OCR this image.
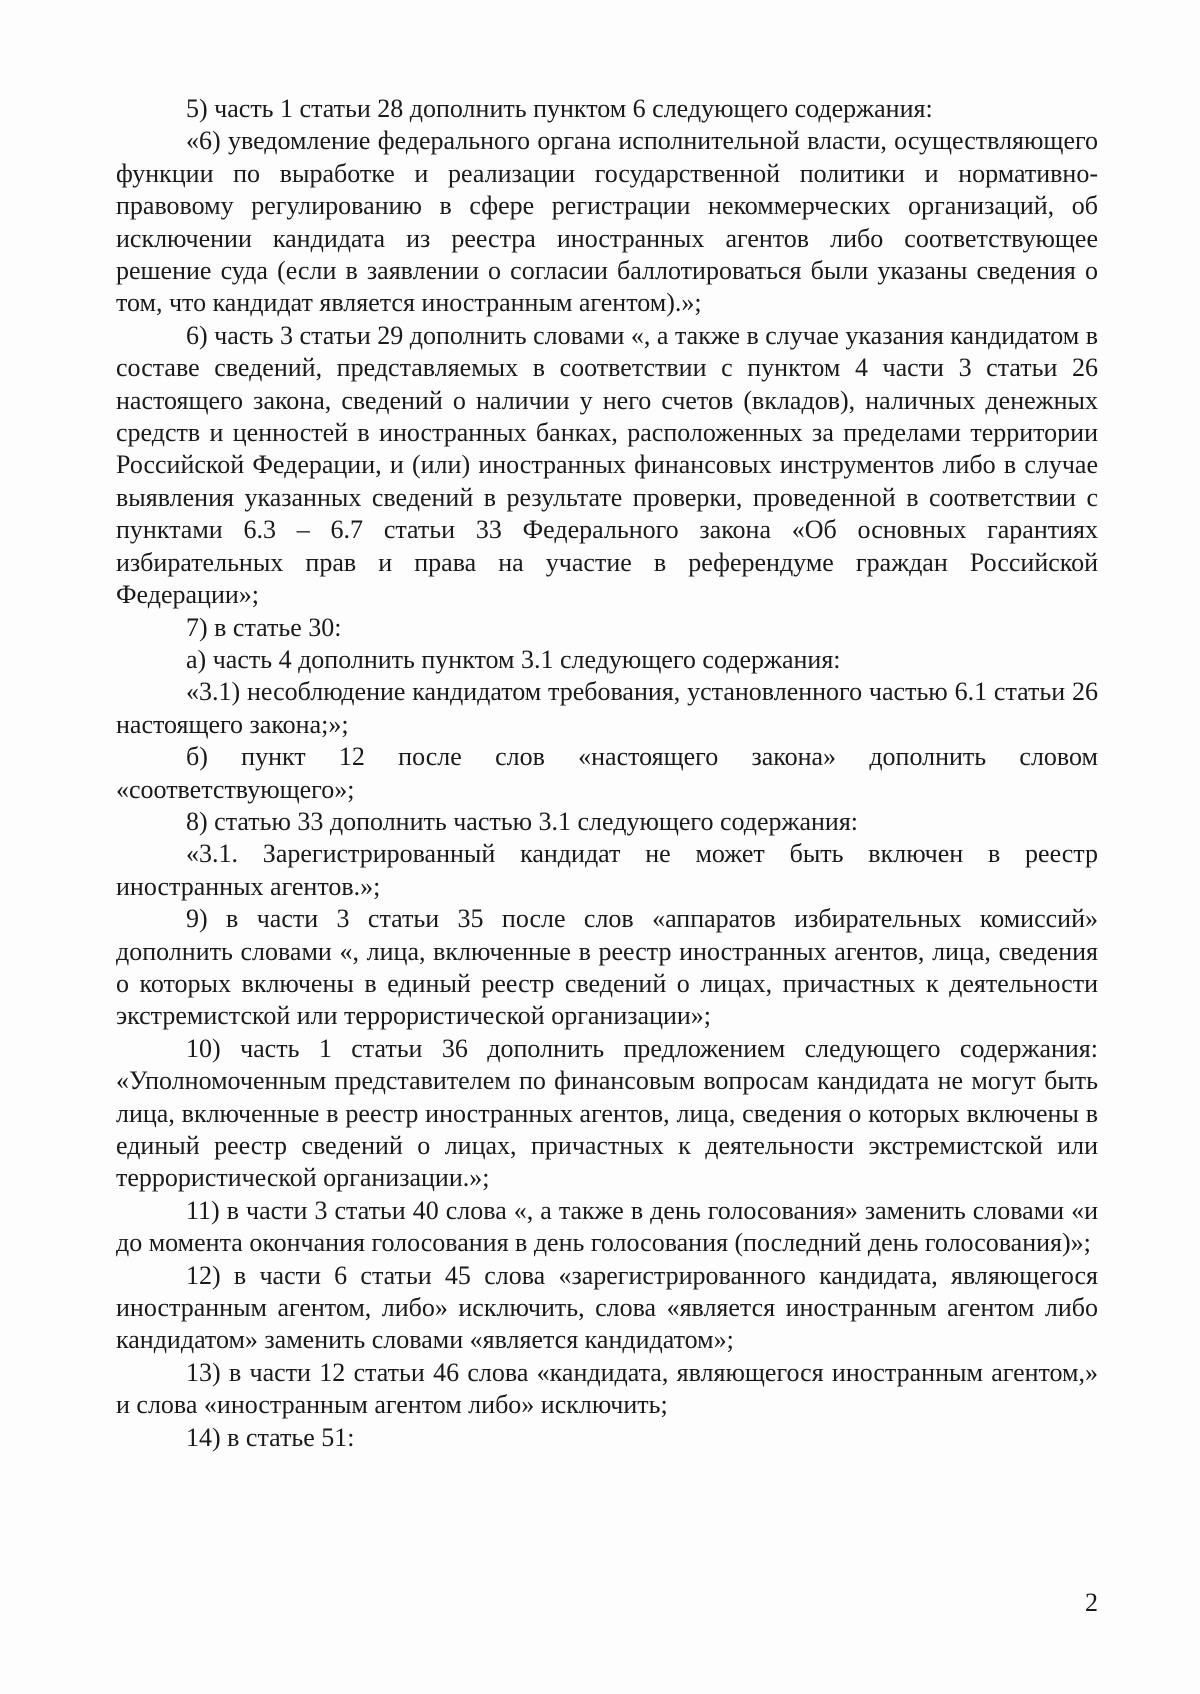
5) часть 1 статьи 28 дополнить пунктом 6 следующего содержания:

«6) уведомление федерального органа исполнительной власти, осуществляющего функции по выработке и реализации государственной политики и нормативно-правовому регулированию в сфере регистрации некоммерческих организаций, об исключении кандидата из реестра иностранных агентов либо соответствующее решение суда (если в заявлении о согласии баллотироваться были указаны сведения о том, что кандидат является иностранным агентом).»;

6) часть 3 статьи 29 дополнить словами «, а также в случае указания кандидатом в составе сведений, представляемых в соответствии с пунктом 4 части 3 статьи 26 настоящего закона, сведений о наличии у него счетов (вкладов), наличных денежных средств и ценностей в иностранных банках, расположенных за пределами территории Российской Федерации, и (или) иностранных финансовых инструментов либо в случае выявления указанных сведений в результате проверки, проведенной в соответствии с пунктами 6.3 – 6.7 статьи 33 Федерального закона «Об основных гарантиях избирательных прав и права на участие в референдуме граждан Российской Федерации»;

7) в статье 30:

а) часть 4 дополнить пунктом 3.1 следующего содержания:

«3.1) несоблюдение кандидатом требования, установленного частью 6.1 статьи 26 настоящего закона;»;

б) пункт 12 после слов «настоящего закона» дополнить словом «соответствующего»;

8) статью 33 дополнить частью 3.1 следующего содержания:

«3.1. Зарегистрированный кандидат не может быть включен в реестр иностранных агентов.»;

9) в части 3 статьи 35 после слов «аппаратов избирательных комиссий» дополнить словами «, лица, включенные в реестр иностранных агентов, лица, сведения о которых включены в единый реестр сведений о лицах, причастных к деятельности экстремистской или террористической организации»;

10) часть 1 статьи 36 дополнить предложением следующего содержания: «Уполномоченным представителем по финансовым вопросам кандидата не могут быть лица, включенные в реестр иностранных агентов, лица, сведения о которых включены в единый реестр сведений о лицах, причастных к деятельности экстремистской или террористической организации.»;

11) в части 3 статьи 40 слова «, а также в день голосования» заменить словами «и до момента окончания голосования в день голосования (последний день голосования)»;

12) в части 6 статьи 45 слова «зарегистрированного кандидата, являющегося иностранным агентом, либо» исключить, слова «является иностранным агентом либо кандидатом» заменить словами «является кандидатом»;

13) в части 12 статьи 46 слова «кандидата, являющегося иностранным агентом,» и слова «иностранным агентом либо» исключить;

14) в статье 51:

2
